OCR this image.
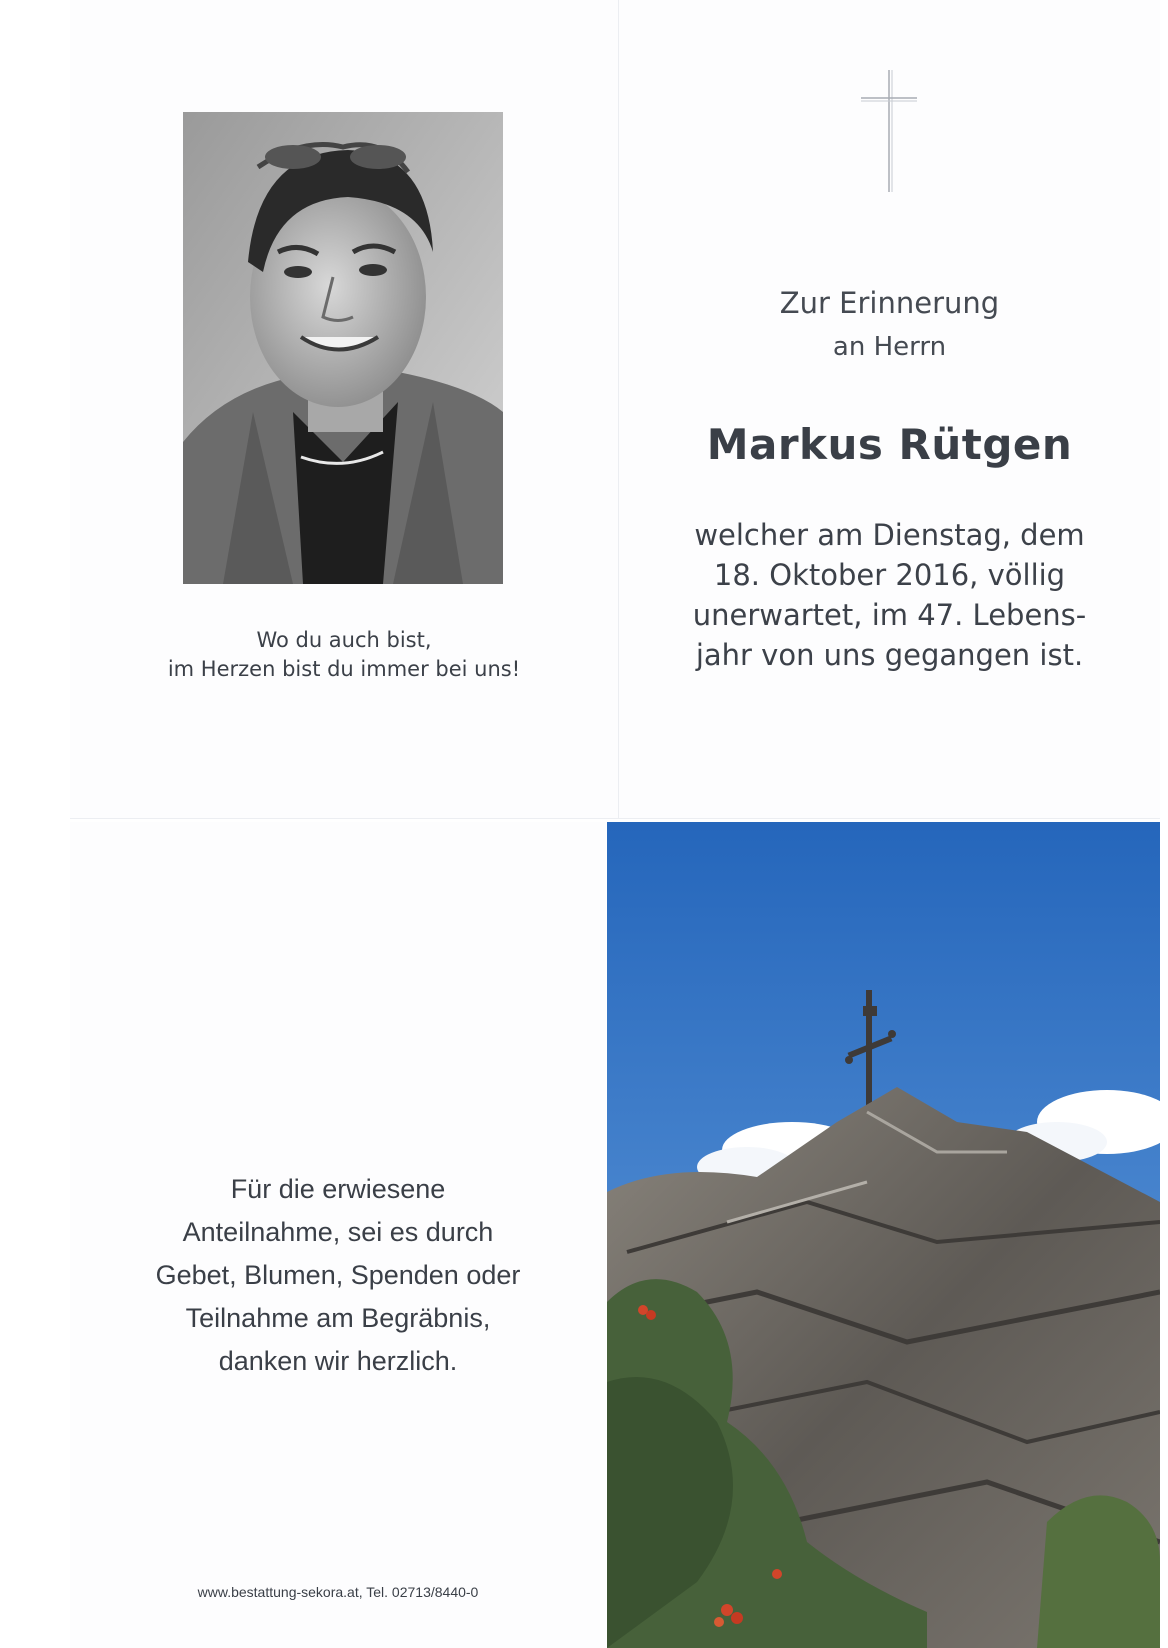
Wo du auch bist,
im Herzen bist du immer bei uns!
Zur Erinnerung
an Herrn
Markus Rütgen
welcher am Dienstag, dem
18. Oktober 2016, völlig
unerwartet, im 47. Lebens-
jahr von uns gegangen ist.
Für die erwiesene
Anteilnahme, sei es durch
Gebet, Blumen, Spenden oder
Teilnahme am Begräbnis,
danken wir herzlich.
www.bestattung-sekora.at, Tel. 02713/8440-0
